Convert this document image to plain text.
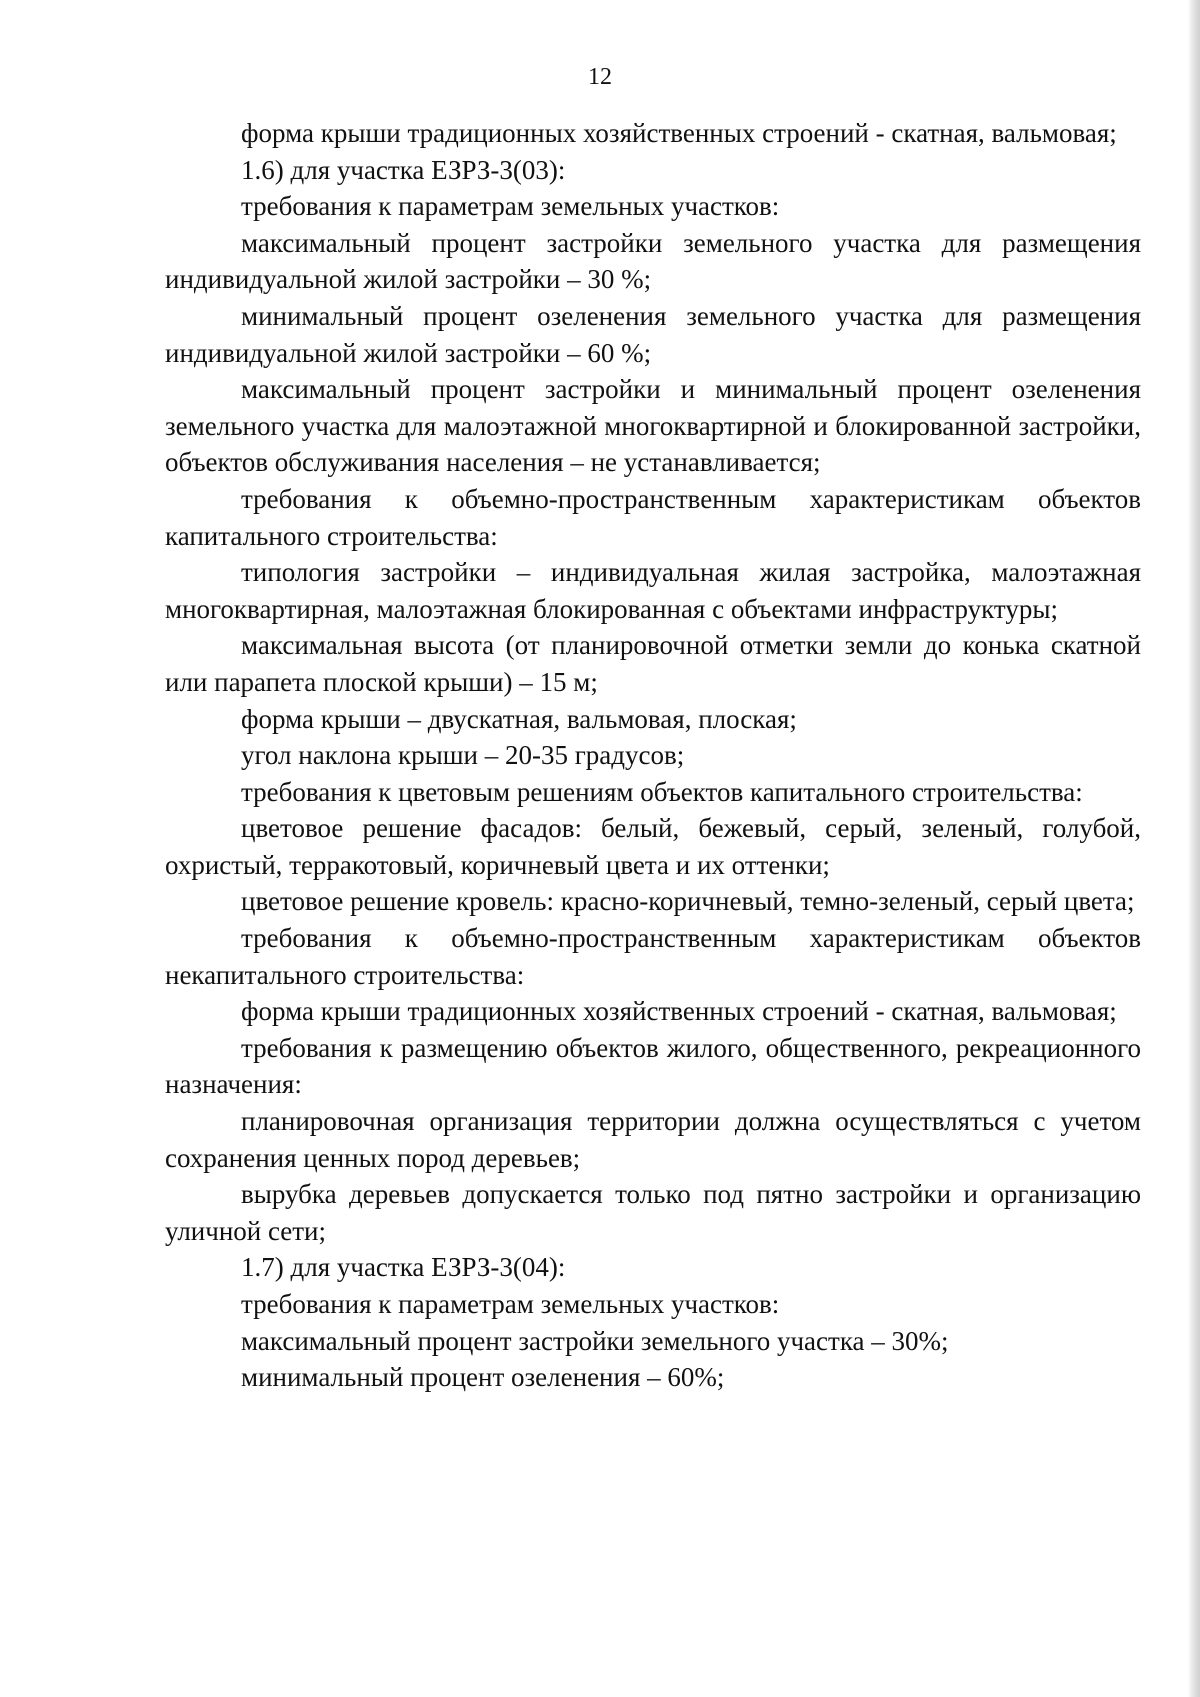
12

форма крыши традиционных хозяйственных строений - скатная, вальмовая;

1.6) для участка ЕЗРЗ-3(03):

требования к параметрам земельных участков:

максимальный процент застройки земельного участка для размещения индивидуальной жилой застройки – 30 %;

минимальный процент озеленения земельного участка для размещения индивидуальной жилой застройки – 60 %;

максимальный процент застройки и минимальный процент озеленения земельного участка для малоэтажной многоквартирной и блокированной застройки, объектов обслуживания населения – не устанавливается;

требования к объемно-пространственным характеристикам объектов капитального строительства:

типология застройки – индивидуальная жилая застройка, малоэтажная многоквартирная, малоэтажная блокированная с объектами инфраструктуры;

максимальная высота (от планировочной отметки земли до конька скатной или парапета плоской крыши) – 15 м;

форма крыши – двускатная, вальмовая, плоская;

угол наклона крыши – 20-35 градусов;

требования к цветовым решениям объектов капитального строительства:

цветовое решение фасадов: белый, бежевый, серый, зеленый, голубой, охристый, терракотовый, коричневый цвета и их оттенки;

цветовое решение кровель: красно-коричневый, темно-зеленый, серый цвета;

требования к объемно-пространственным характеристикам объектов некапитального строительства:

форма крыши традиционных хозяйственных строений - скатная, вальмовая;

требования к размещению объектов жилого, общественного, рекреационного назначения:

планировочная организация территории должна осуществляться с учетом сохранения ценных пород деревьев;

вырубка деревьев допускается только под пятно застройки и организацию уличной сети;

1.7) для участка ЕЗРЗ-3(04):

требования к параметрам земельных участков:

максимальный процент застройки земельного участка – 30%;

минимальный процент озеленения – 60%;
